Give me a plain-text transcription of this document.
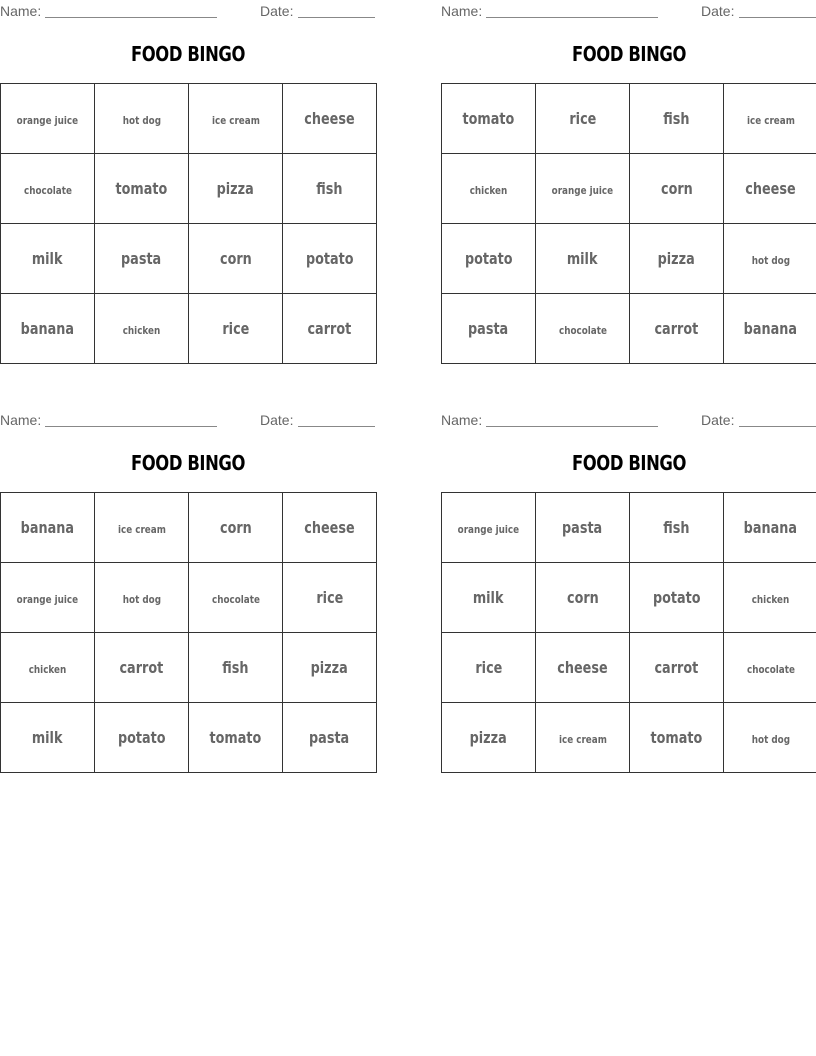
Name:	Date:
FOOD BINGO
orange juice	hot dog	ice cream	cheese
chocolate	tomato	pizza	fish
milk	pasta	corn	potato
banana	chicken	rice	carrot
Name:	Date:
FOOD BINGO
tomato	rice	fish	ice cream
chicken	orange juice	corn	cheese
potato	milk	pizza	hot dog
pasta	chocolate	carrot	banana
Name:	Date:
FOOD BINGO
banana	ice cream	corn	cheese
orange juice	hot dog	chocolate	rice
chicken	carrot	fish	pizza
milk	potato	tomato	pasta
Name:	Date:
FOOD BINGO
orange juice	pasta	fish	banana
milk	corn	potato	chicken
rice	cheese	carrot	chocolate
pizza	ice cream	tomato	hot dog
